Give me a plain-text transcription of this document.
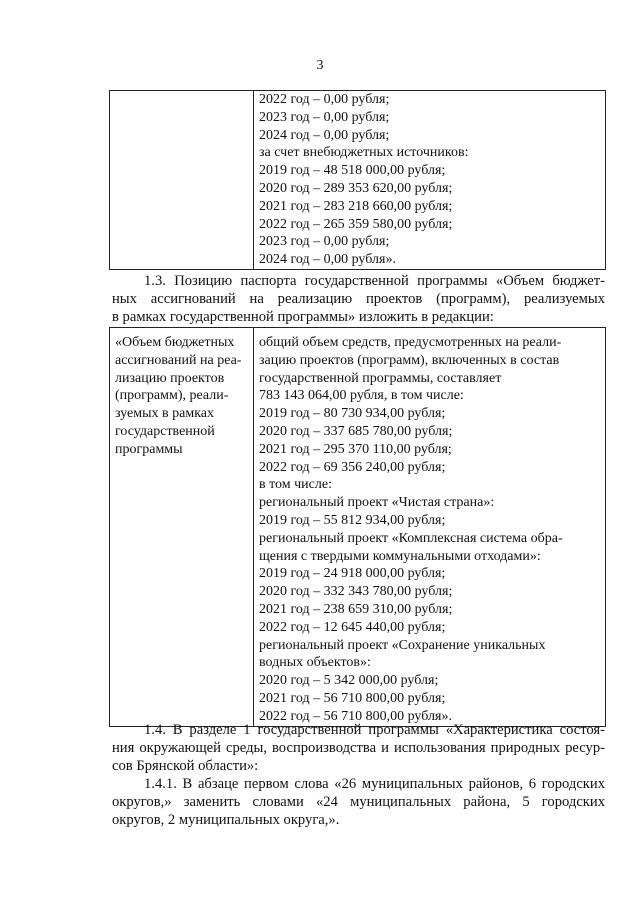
3

2022 год – 0,00 рубля;
2023 год – 0,00 рубля;
2024 год – 0,00 рубля;
за счет внебюджетных источников:
2019 год – 48 518 000,00 рубля;
2020 год – 289 353 620,00 рубля;
2021 год – 283 218 660,00 рубля;
2022 год – 265 359 580,00 рубля;
2023 год – 0,00 рубля;
2024 год – 0,00 рубля».
1.3. Позицию паспорта государственной программы «Объем бюджет-
ных ассигнований на реализацию проектов (программ), реализуемых
в рамках государственной программы» изложить в редакции:
«Объем бюджетных
ассигнований на реа-
лизацию проектов
(программ), реали-
зуемых в рамках
государственной
программы

общий объем средств, предусмотренных на реали-
зацию проектов (программ), включенных в состав
государственной программы, составляет
783 143 064,00 рубля, в том числе:
2019 год – 80 730 934,00 рубля;
2020 год – 337 685 780,00 рубля;
2021 год – 295 370 110,00 рубля;
2022 год – 69 356 240,00 рубля;
в том числе:
региональный проект «Чистая страна»:
2019 год – 55 812 934,00 рубля;
региональный проект «Комплексная система обра-
щения с твердыми коммунальными отходами»:
2019 год – 24 918 000,00 рубля;
2020 год – 332 343 780,00 рубля;
2021 год – 238 659 310,00 рубля;
2022 год – 12 645 440,00 рубля;
региональный проект «Сохранение уникальных
водных объектов»:
2020 год – 5 342 000,00 рубля;
2021 год – 56 710 800,00 рубля;
2022 год – 56 710 800,00 рубля».
1.4. В разделе 1 государственной программы «Характеристика состоя-
ния окружающей среды, воспроизводства и использования природных ресур-
сов Брянской области»:
1.4.1. В абзаце первом слова «26 муниципальных районов, 6 городских
округов,» заменить словами «24 муниципальных района, 5 городских
округов, 2 муниципальных округа,».
